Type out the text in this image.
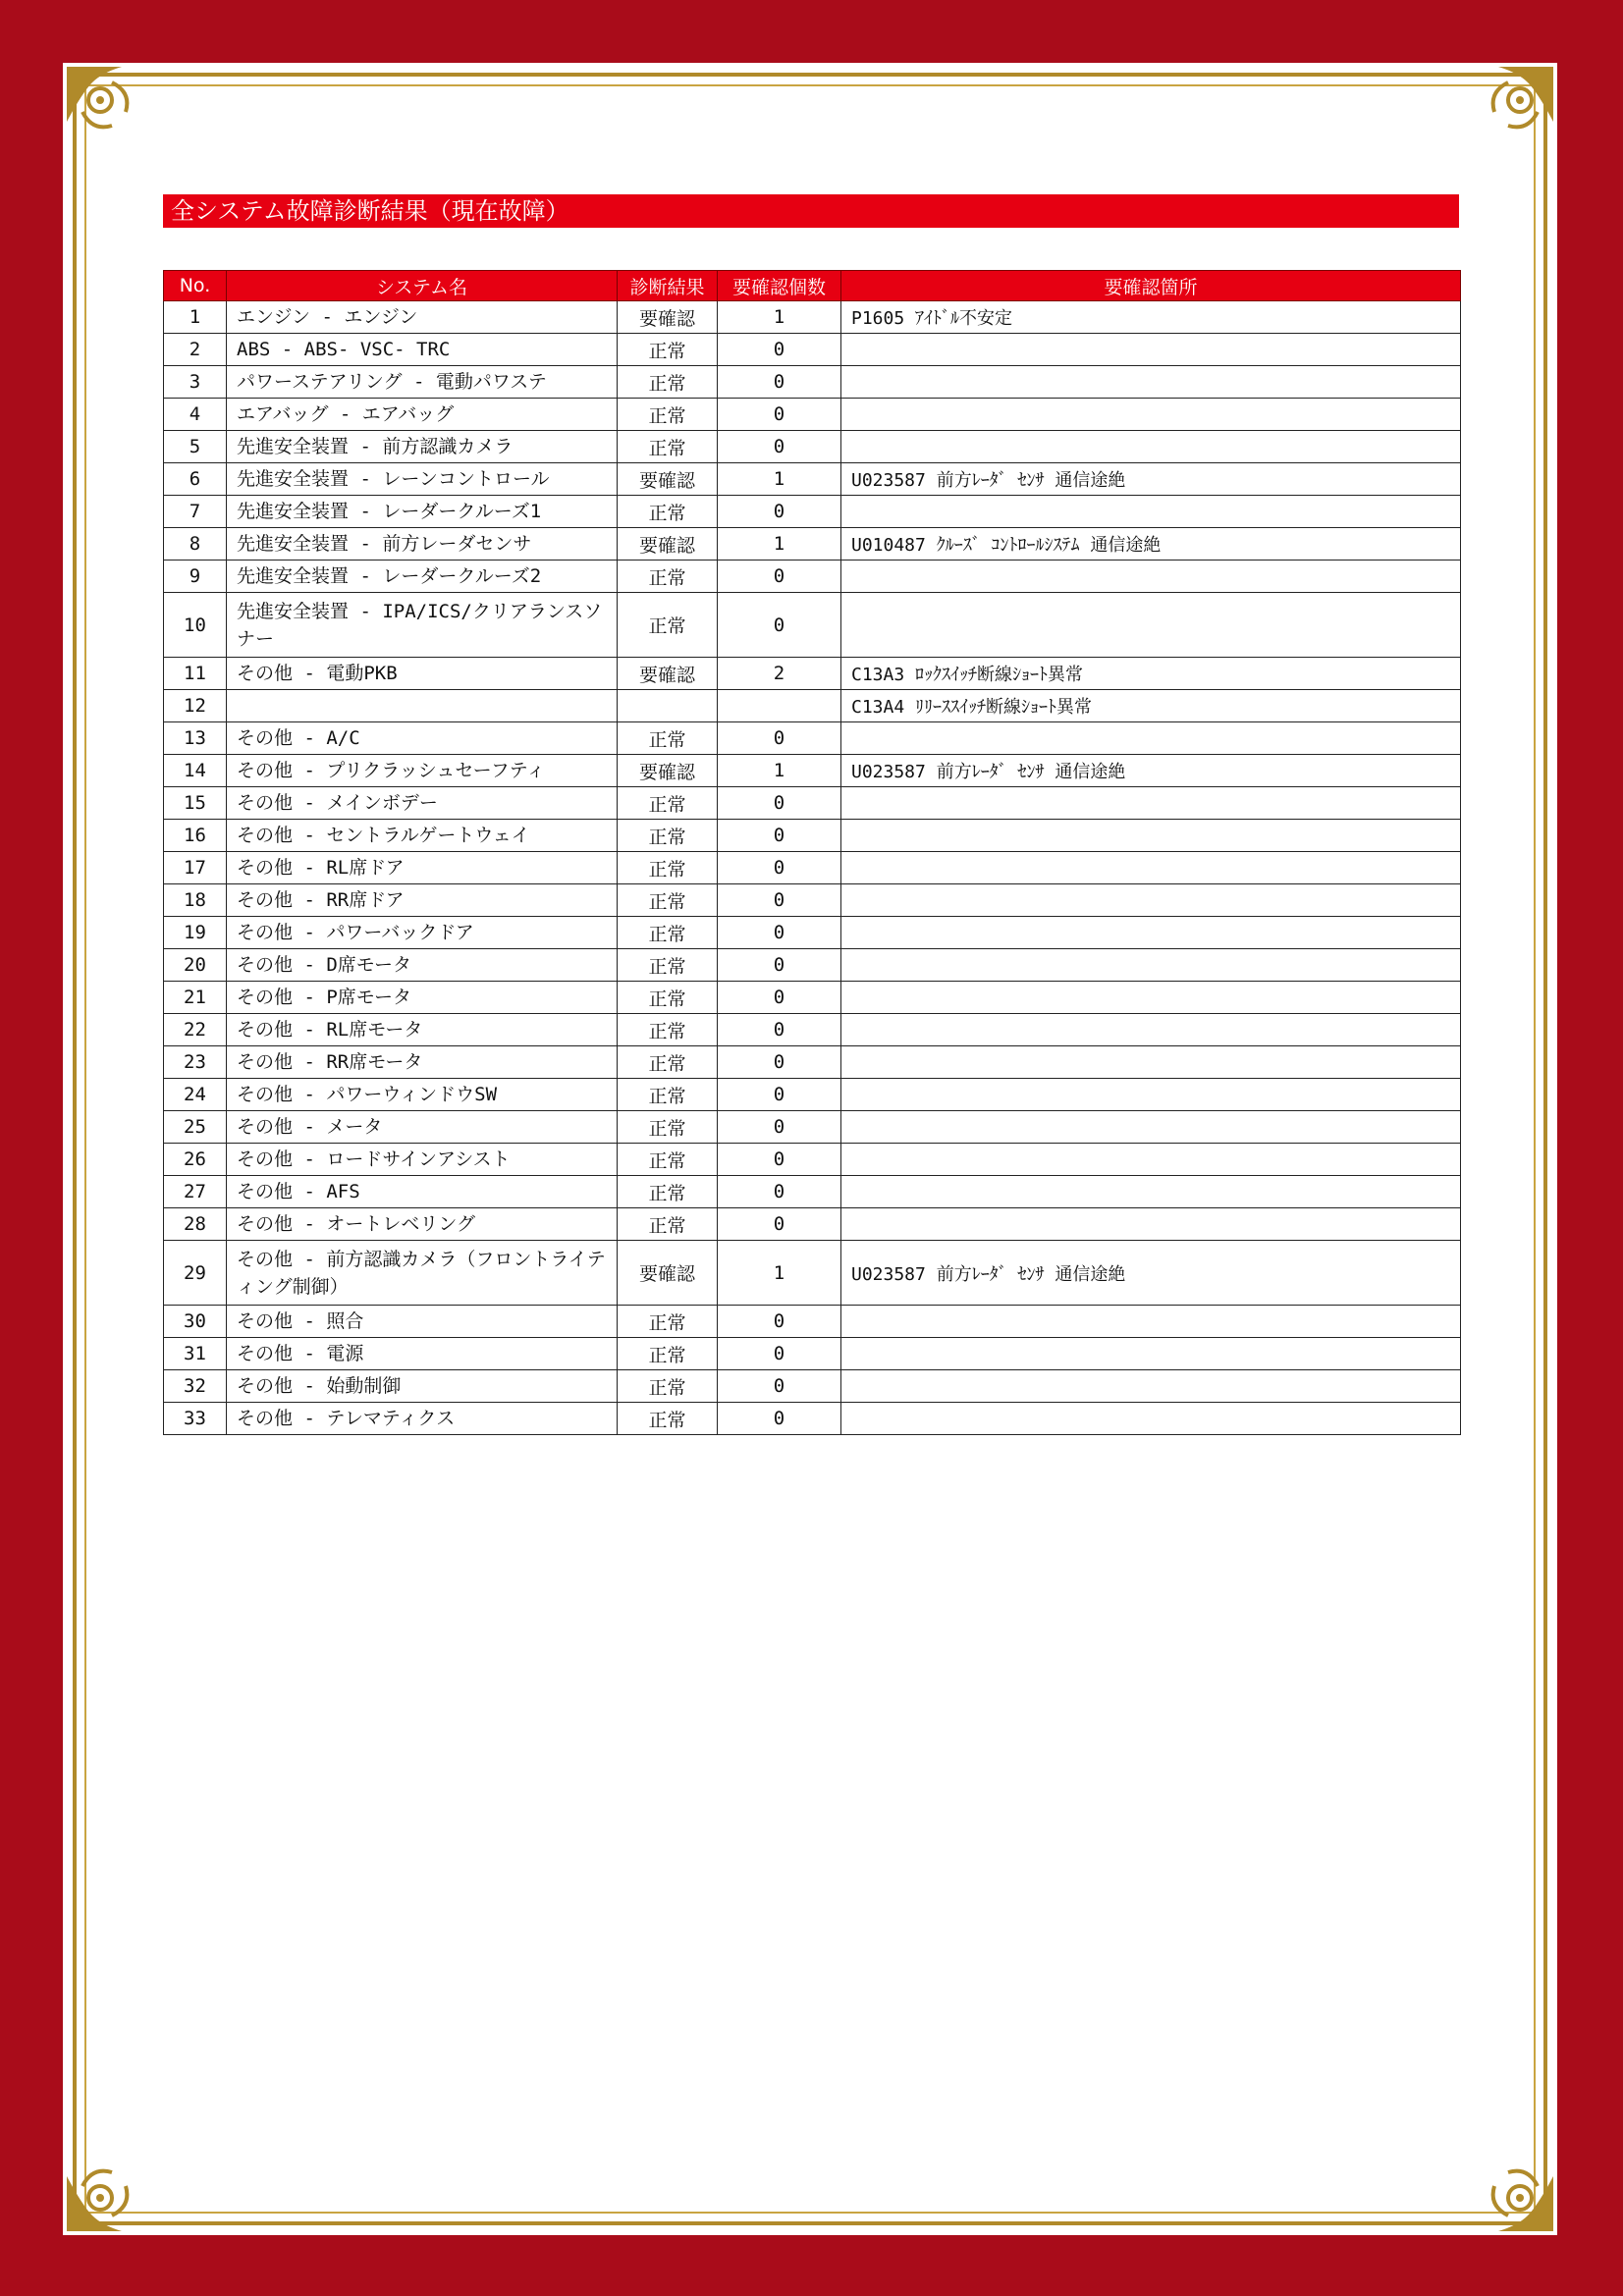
全システム故障診断結果（現在故障）
No.	システム名	診断結果	要確認個数	要確認箇所
1	エンジン - エンジン	要確認	1	P1605 ｱｲﾄﾞﾙ不安定
2	ABS - ABS- VSC- TRC	正常	0	
3	パワーステアリング - 電動パワステ	正常	0	
4	エアバッグ - エアバッグ	正常	0	
5	先進安全装置 - 前方認識カメラ	正常	0	
6	先進安全装置 - レーンコントロール	要確認	1	U023587 前方ﾚｰﾀﾞ ｾﾝｻ 通信途絶
7	先進安全装置 - レーダークルーズ1	正常	0	
8	先進安全装置 - 前方レーダセンサ	要確認	1	U010487 ｸﾙｰｽﾞ ｺﾝﾄﾛｰﾙｼｽﾃﾑ 通信途絶
9	先進安全装置 - レーダークルーズ2	正常	0	
10	先進安全装置 - IPA/ICS/クリアランスソナー	正常	0	
11	その他 - 電動PKB	要確認	2	C13A3 ﾛｯｸｽｲｯﾁ断線ｼｮｰﾄ異常
12				C13A4 ﾘﾘｰｽｽｲｯﾁ断線ｼｮｰﾄ異常
13	その他 - A/C	正常	0	
14	その他 - プリクラッシュセーフティ	要確認	1	U023587 前方ﾚｰﾀﾞ ｾﾝｻ 通信途絶
15	その他 - メインボデー	正常	0	
16	その他 - セントラルゲートウェイ	正常	0	
17	その他 - RL席ドア	正常	0	
18	その他 - RR席ドア	正常	0	
19	その他 - パワーバックドア	正常	0	
20	その他 - D席モータ	正常	0	
21	その他 - P席モータ	正常	0	
22	その他 - RL席モータ	正常	0	
23	その他 - RR席モータ	正常	0	
24	その他 - パワーウィンドウSW	正常	0	
25	その他 - メータ	正常	0	
26	その他 - ロードサインアシスト	正常	0	
27	その他 - AFS	正常	0	
28	その他 - オートレベリング	正常	0	
29	その他 - 前方認識カメラ（フロントライティング制御）	要確認	1	U023587 前方ﾚｰﾀﾞ ｾﾝｻ 通信途絶
30	その他 - 照合	正常	0	
31	その他 - 電源	正常	0	
32	その他 - 始動制御	正常	0	
33	その他 - テレマティクス	正常	0	
